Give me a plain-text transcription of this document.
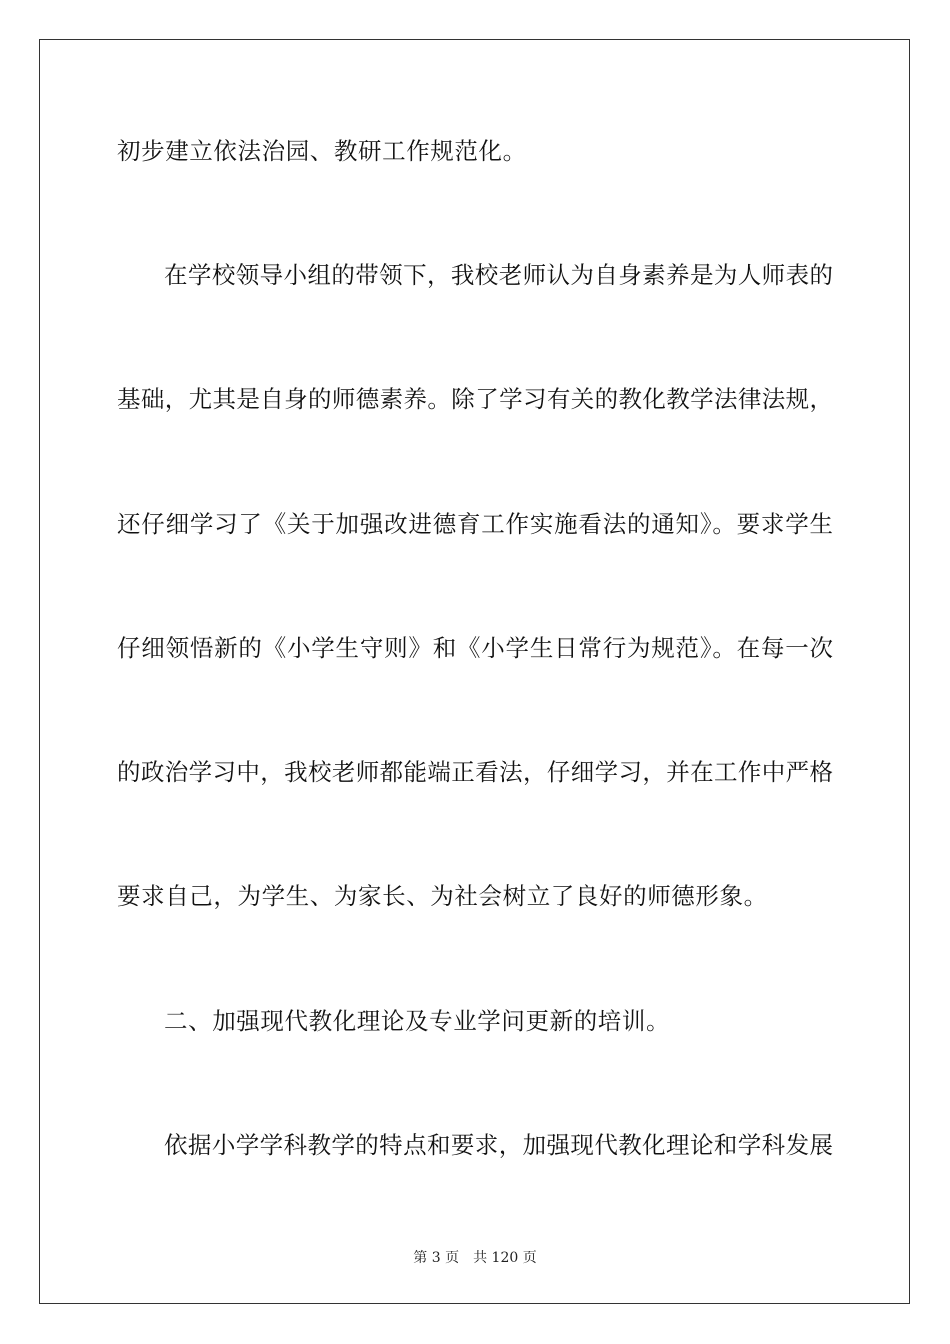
初步建立依法治园、教研工作规范化。
在学校领导小组的带领下，我校老师认为自身素养是为人师表的
基础，尤其是自身的师德素养。除了学习有关的教化教学法律法规，
还仔细学习了《关于加强改进德育工作实施看法的通知》。要求学生
仔细领悟新的《小学生守则》和《小学生日常行为规范》。在每一次
的政治学习中，我校老师都能端正看法，仔细学习，并在工作中严格
要求自己，为学生、为家长、为社会树立了良好的师德形象。
二、加强现代教化理论及专业学问更新的培训。
依据小学学科教学的特点和要求，加强现代教化理论和学科发展
第 3 页 共 120 页
